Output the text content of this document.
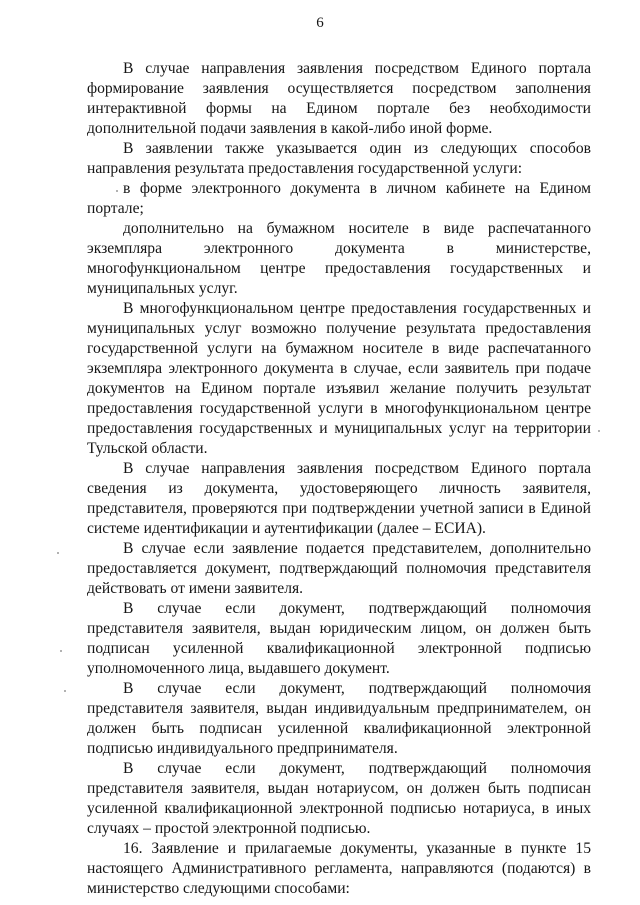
6

В случае направления заявления посредством Единого портала формирование заявления осуществляется посредством заполнения интерактивной формы на Едином портале без необходимости дополнительной подачи заявления в какой-либо иной форме.

В заявлении также указывается один из следующих способов направления результата предоставления государственной услуги:

в форме электронного документа в личном кабинете на Едином портале;

дополнительно на бумажном носителе в виде распечатанного экземпляра электронного документа в министерстве, многофункциональном центре предоставления государственных и муниципальных услуг.

В многофункциональном центре предоставления государственных и муниципальных услуг возможно получение результата предоставления государственной услуги на бумажном носителе в виде распечатанного экземпляра электронного документа в случае, если заявитель при подаче документов на Едином портале изъявил желание получить результат предоставления государственной услуги в многофункциональном центре предоставления государственных и муниципальных услуг на территории Тульской области.

В случае направления заявления посредством Единого портала сведения из документа, удостоверяющего личность заявителя, представителя, проверяются при подтверждении учетной записи в Единой системе идентификации и аутентификации (далее – ЕСИА).

В случае если заявление подается представителем, дополнительно предоставляется документ, подтверждающий полномочия представителя действовать от имени заявителя.

В случае если документ, подтверждающий полномочия представителя заявителя, выдан юридическим лицом, он должен быть подписан усиленной квалификационной электронной подписью уполномоченного лица, выдавшего документ.

В случае если документ, подтверждающий полномочия представителя заявителя, выдан индивидуальным предпринимателем, он должен быть подписан усиленной квалификационной электронной подписью индивидуального предпринимателя.

В случае если документ, подтверждающий полномочия представителя заявителя, выдан нотариусом, он должен быть подписан усиленной квалификационной электронной подписью нотариуса, в иных случаях – простой электронной подписью.

16. Заявление и прилагаемые документы, указанные в пункте 15 настоящего Административного регламента, направляются (подаются) в министерство следующими способами:
